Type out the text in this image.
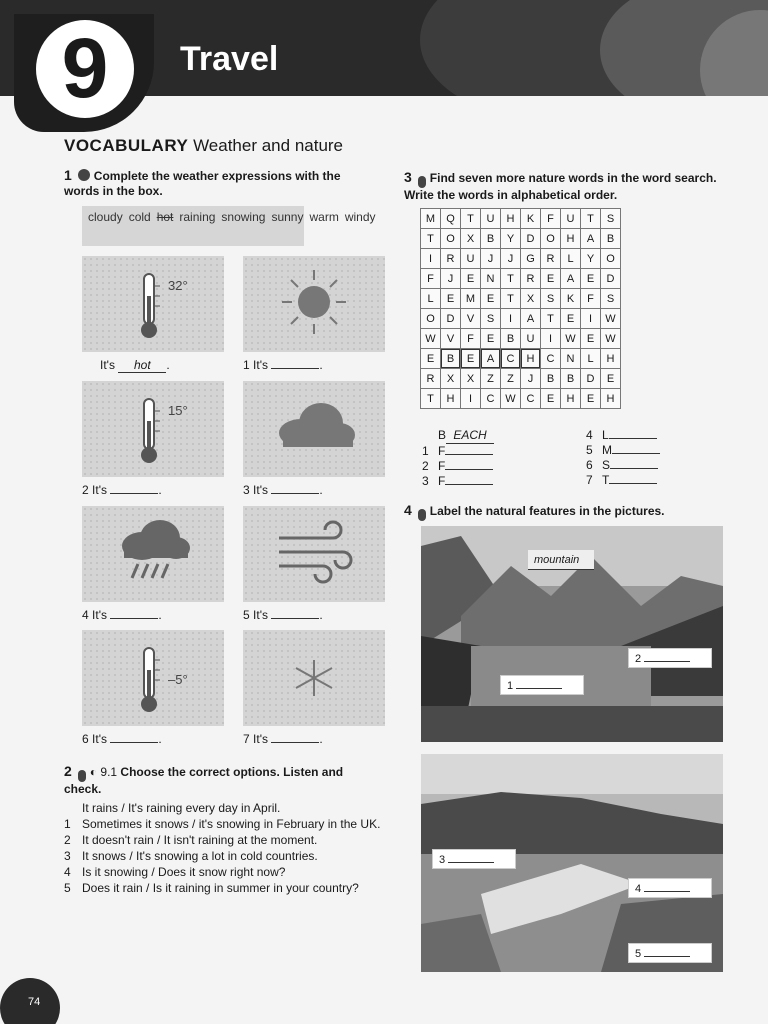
Travel
9
VOCABULARY Weather and nature
1 Complete the weather expressions with the words in the box.
cloudy cold hot raining snowing sunny warm windy
32°
It's hot .	1 It's	.
15°
2 It's	.	3 It's	.
4 It's	.	5 It's	.
–5°
6 It's	.	7 It's	.
2 ◐ 9.1 Choose the correct options. Listen and check.
It rains / It's raining every day in April.
1 Sometimes it snows / it's snowing in February in the UK.
2 It doesn't rain / It isn't raining at the moment.
3 It snows / It's snowing a lot in cold countries.
4 Is it snowing / Does it snow right now?
5 Does it rain / Is it raining in summer in your country?
3 Find seven more nature words in the word search. Write the words in alphabetical order.
M	Q	T	U	H	K	F	U	T	S
T	O	X	B	Y	D	O	H	A	B
I	R	U	J	J	G	R	L	Y	O
F	J	E	N	T	R	E	A	E	D
L	E	M	E	T	X	S	K	F	S
O	D	V	S	I	A	T	E	I	W
W	V	F	E	B	U	I	W	E	W
E	B	E	A	C	H	C	N	L	H
R	X	X	Z	Z	J	B	B	D	E
T	H	I	C	W	C	E	H	E	H
B EACH
1 F
2 F
3 F
4 L
5 M
6 S
7 T
4 Label the natural features in the pictures.
mountain
2
1
3
4
5
74
